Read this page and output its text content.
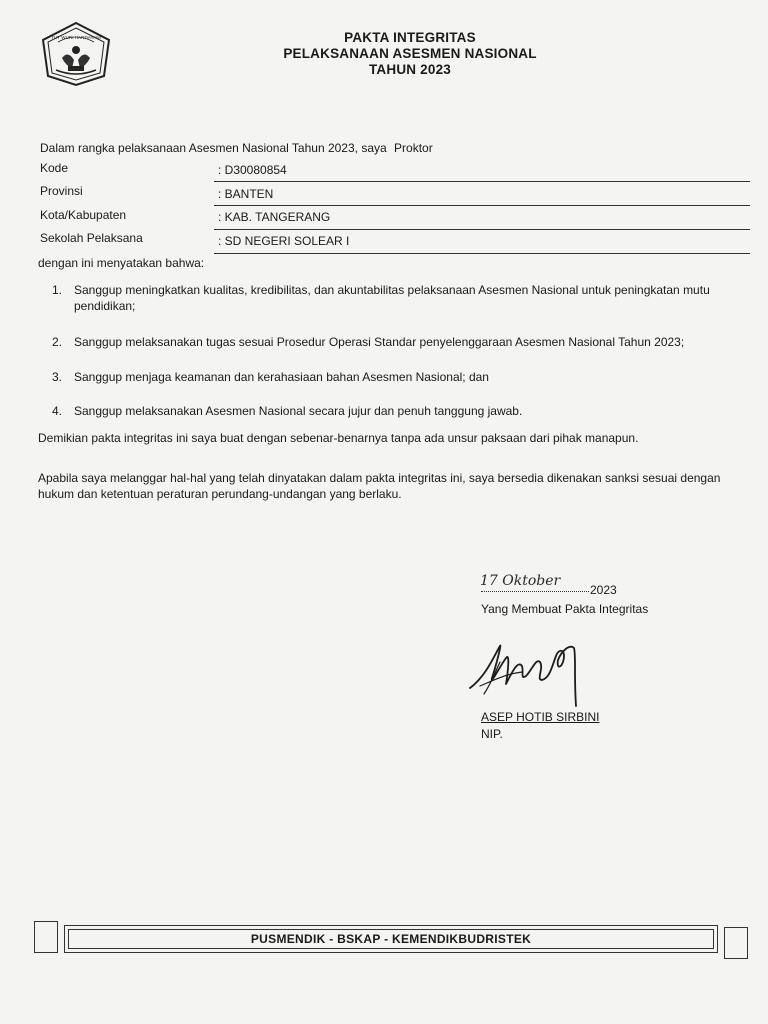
TUT WURI HANDAYANI	PAKTA INTEGRITAS
PELAKSANAAN ASESMEN NASIONAL
TAHUN 2023
Dalam rangka pelaksanaan Asesmen Nasional Tahun 2023, saya Proktor
Kode	: D30080854
Provinsi	: BANTEN
Kota/Kabupaten	: KAB. TANGERANG
Sekolah Pelaksana	: SD NEGERI SOLEAR I
dengan ini menyatakan bahwa:
1. Sanggup meningkatkan kualitas, kredibilitas, dan akuntabilitas pelaksanaan Asesmen Nasional untuk peningkatan mutu pendidikan;
2. Sanggup melaksanakan tugas sesuai Prosedur Operasi Standar penyelenggaraan Asesmen Nasional Tahun 2023;
3. Sanggup menjaga keamanan dan kerahasiaan bahan Asesmen Nasional; dan
4. Sanggup melaksanakan Asesmen Nasional secara jujur dan penuh tanggung jawab.
Demikian pakta integritas ini saya buat dengan sebenar-benarnya tanpa ada unsur paksaan dari pihak manapun.
Apabila saya melanggar hal-hal yang telah dinyatakan dalam pakta integritas ini, saya bersedia dikenakan sanksi sesuai dengan hukum dan ketentuan peraturan perundang-undangan yang berlaku.
17 Oktober
2023
Yang Membuat Pakta Integritas
ASEP HOTIB SIRBINI
NIP.
PUSMENDIK - BSKAP - KEMENDIKBUDRISTEK
